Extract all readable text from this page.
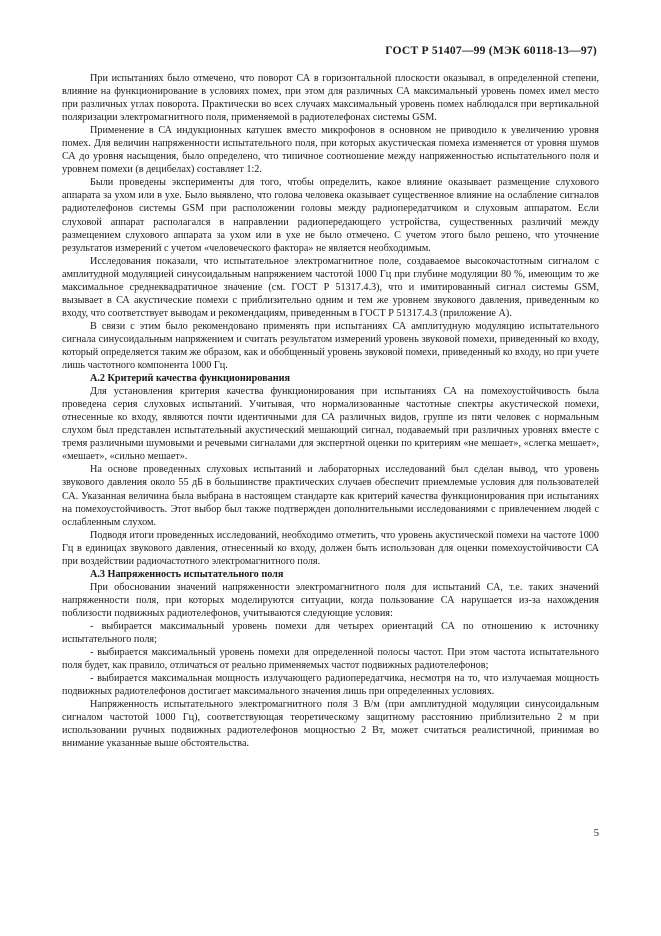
ГОСТ Р 51407—99 (МЭК 60118-13—97)

При испытаниях было отмечено, что поворот СА в горизонтальной плоскости оказывал, в определенной степени, влияние на функционирование в условиях помех, при этом для различных СА максимальный уровень помех имел место при различных углах поворота. Практически во всех случаях максимальный уровень помех наблюдался при вертикальной поляризации электромагнитного поля, применяемой в радиотелефонах системы GSM.

Применение в СА индукционных катушек вместо микрофонов в основном не приводило к увеличению уровня помех. Для величин напряженности испытательного поля, при которых акустическая помеха изменяется от уровня шумов СА до уровня насыщения, было определено, что типичное соотношение между напряженностью испытательного поля и уровнем помехи (в децибелах) составляет 1:2.

Были проведены эксперименты для того, чтобы определить, какое влияние оказывает размещение слухового аппарата за ухом или в ухе. Было выявлено, что голова человека оказывает существенное влияние на ослабление сигналов радиотелефонов системы GSM при расположении головы между радиопередатчиком и слуховым аппаратом. Если слуховой аппарат располагался в направлении радиопередающего устройства, существенных различий между размещением слухового аппарата за ухом или в ухе не было отмечено. С учетом этого было решено, что уточнение результатов измерений с учетом «человеческого фактора» не является необходимым.

Исследования показали, что испытательное электромагнитное поле, создаваемое высокочастотным сигналом с амплитудной модуляцией синусоидальным напряжением частотой 1000 Гц при глубине модуляции 80 %, имеющим то же максимальное среднеквадратичное значение (см. ГОСТ Р 51317.4.3), что и имитированный сигнал системы GSM, вызывает в СА акустические помехи с приблизительно одним и тем же уровнем звукового давления, приведенным ко входу, что соответствует выводам и рекомендациям, приведенным в ГОСТ Р 51317.4.3 (приложение А).

В связи с этим было рекомендовано применять при испытаниях СА амплитудную модуляцию испытательного сигнала синусоидальным напряжением и считать результатом измерений уровень звуковой помехи, приведенный ко входу, который определяется таким же образом, как и обобщенный уровень звуковой помехи, приведенный ко входу, но при учете лишь частотного компонента 1000 Гц.

А.2 Критерий качества функционирования

Для установления критерия качества функционирования при испытаниях СА на помехоустойчивость была проведена серия слуховых испытаний. Учитывая, что нормализованные частотные спектры акустической помехи, отнесенные ко входу, являются почти идентичными для СА различных видов, группе из пяти человек с нормальным слухом был представлен испытательный акустический мешающий сигнал, подаваемый при различных уровнях вместе с тремя различными шумовыми и речевыми сигналами для экспертной оценки по критериям «не мешает», «слегка мешает», «мешает», «сильно мешает».

На основе проведенных слуховых испытаний и лабораторных исследований был сделан вывод, что уровень звукового давления около 55 дБ в большинстве практических случаев обеспечит приемлемые условия для пользователей СА. Указанная величина была выбрана в настоящем стандарте как критерий качества функционирования при испытаниях на помехоустойчивость. Этот выбор был также подтвержден дополнительными исследованиями с привлечением людей с ослабленным слухом.

Подводя итоги проведенных исследований, необходимо отметить, что уровень акустической помехи на частоте 1000 Гц в единицах звукового давления, отнесенный ко входу, должен быть использован для оценки помехоустойчивости СА при воздействии радиочастотного электромагнитного поля.

А.3 Напряженность испытательного поля

При обосновании значений напряженности электромагнитного поля для испытаний СА, т.е. таких значений напряженности поля, при которых моделируются ситуации, когда пользование СА нарушается из-за нахождения поблизости подвижных радиотелефонов, учитываются следующие условия:

- выбирается максимальный уровень помехи для четырех ориентаций СА по отношению к источнику испытательного поля;

- выбирается максимальный уровень помехи для определенной полосы частот. При этом частота испытательного поля будет, как правило, отличаться от реально применяемых частот подвижных радиотелефонов;

- выбирается максимальная мощность излучающего радиопередатчика, несмотря на то, что излучаемая мощность подвижных радиотелефонов достигает максимального значения лишь при определенных условиях.

Напряженность испытательного электромагнитного поля 3 В/м (при амплитудной модуляции синусоидальным сигналом частотой 1000 Гц), соответствующая теоретическому защитному расстоянию приблизительно 2 м при использовании ручных подвижных радиотелефонов мощностью 2 Вт, может считаться реалистичной, принимая во внимание указанные выше обстоятельства.

5
